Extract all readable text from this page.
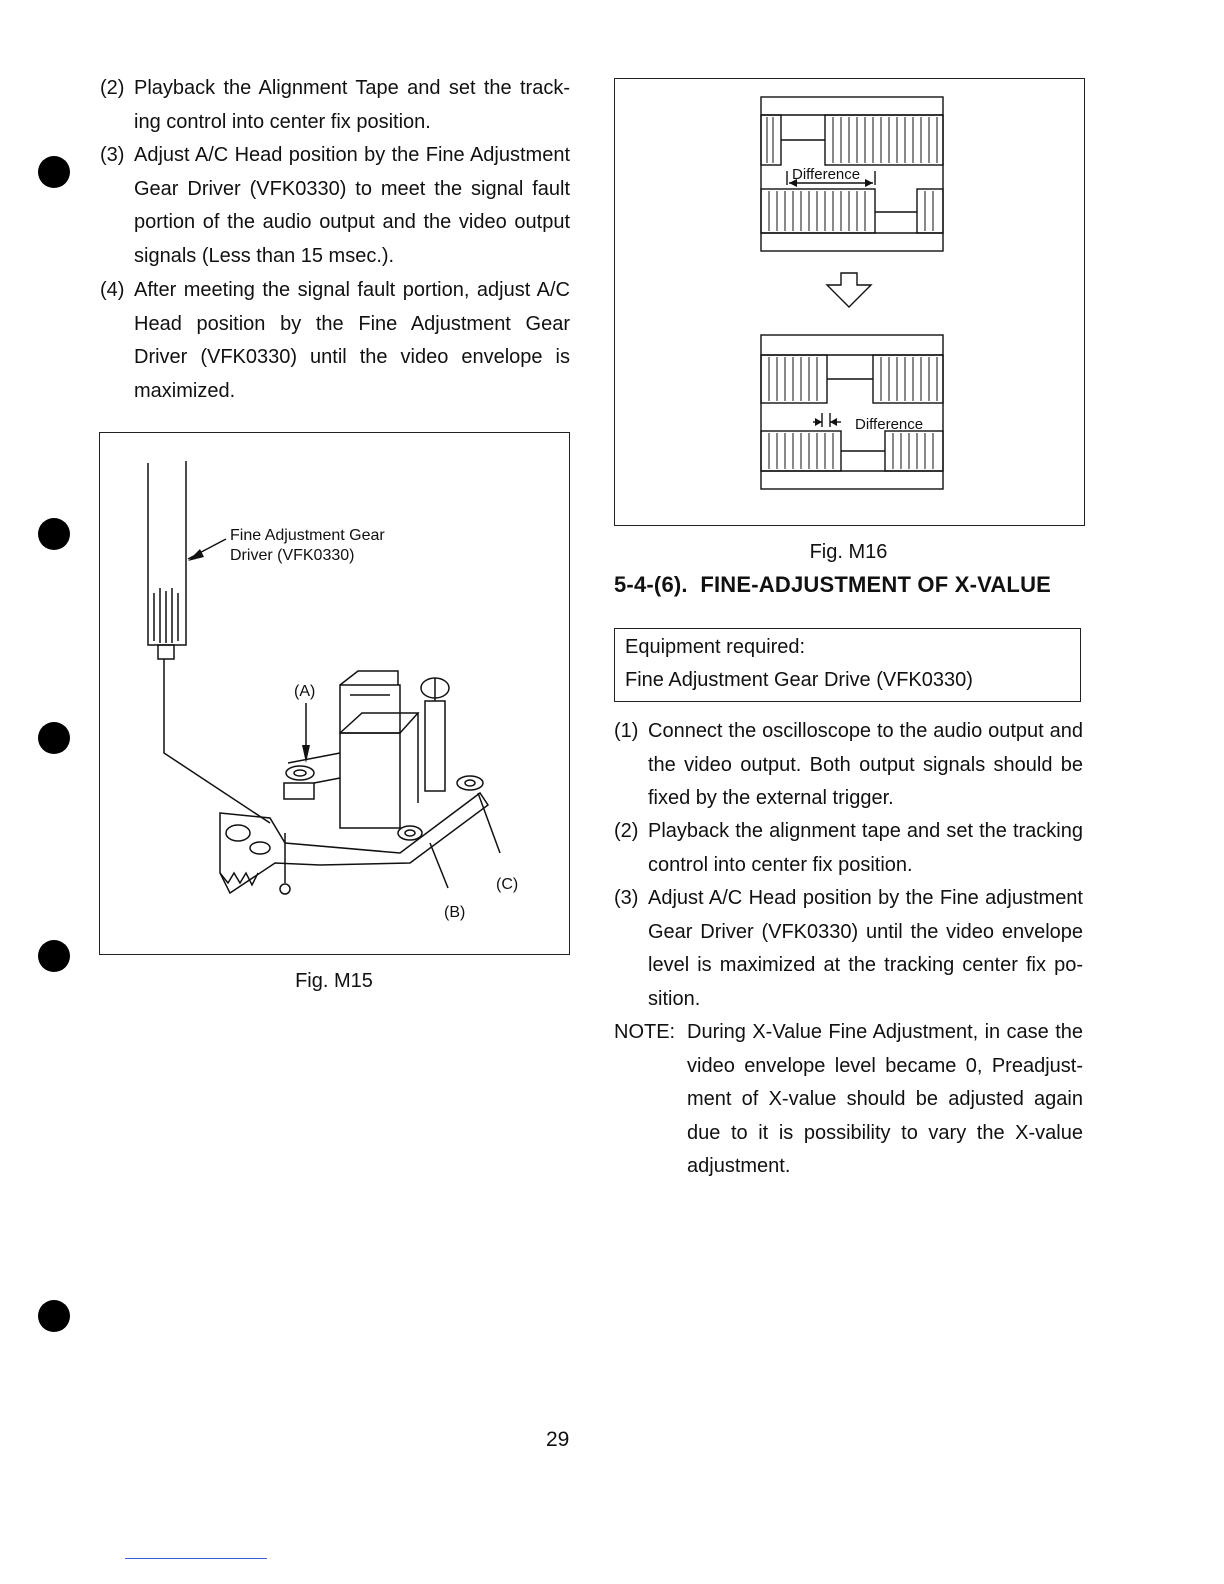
(2) Playback the Alignment Tape and set the track-ing control into center fix position.
(3) Adjust A/C Head position by the Fine Adjustment Gear Driver (VFK0330) to meet the signal fault portion of the audio output and the video output signals (Less than 15 msec.).
(4) After meeting the signal fault portion, adjust A/C Head position by the Fine Adjustment Gear Driver (VFK0330) until the video envelope is maximized.
Fine Adjustment Gear
Driver (VFK0330)
(A)
(B)
(C)
Fig. M15
Difference
Difference
Fig. M16
5-4-(6).  FINE-ADJUSTMENT OF X-VALUE
Equipment required:
Fine Adjustment Gear Drive (VFK0330)
(1) Connect the oscilloscope to the audio output and the video output. Both output signals should be fixed by the external trigger.
(2) Playback the alignment tape and set the tracking control into center fix position.
(3) Adjust A/C Head position by the Fine adjustment Gear Driver (VFK0330) until the video envelope level is maximized at the tracking center fix po-sition.
NOTE: During X-Value Fine Adjustment, in case the video envelope level became 0, Preadjust-ment of X-value should be adjusted again due to it is possibility to vary the X-value adjustment.
29
